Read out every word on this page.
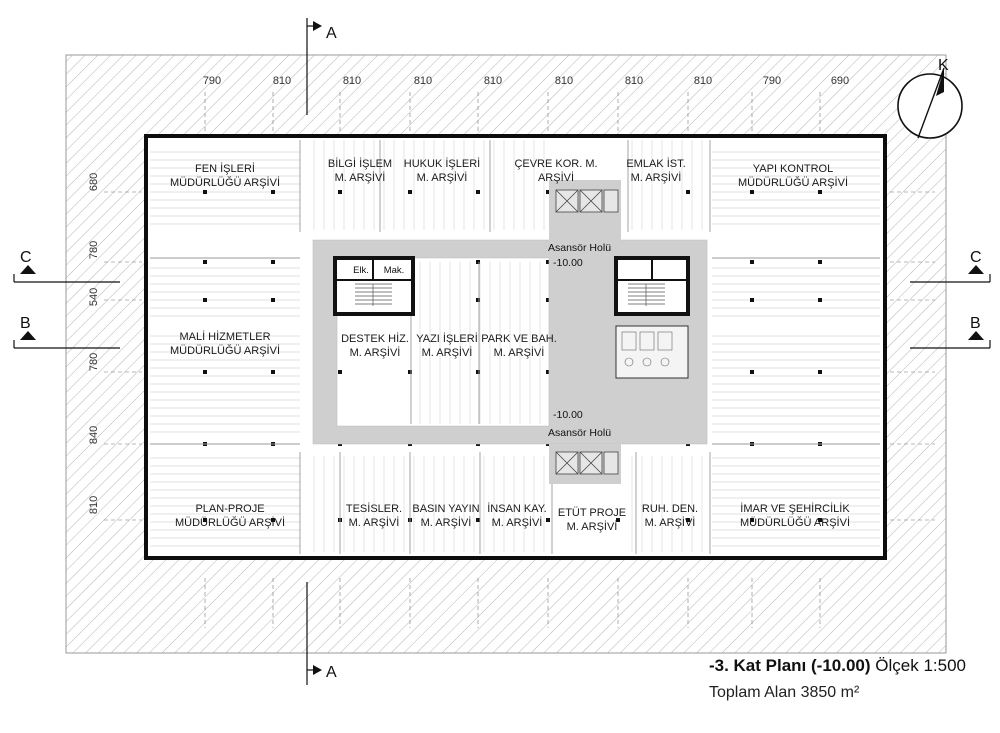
FEN İŞLERİ
MÜDÜRLÜĞÜ ARŞİVİ
BİLGİ İŞLEM
M. ARŞİVİ
HUKUK İŞLERİ
M. ARŞİVİ
ÇEVRE KOR. M.
ARŞİVİ
EMLAK İST.
M. ARŞİVİ
YAPI KONTROL
MÜDÜRLÜĞÜ ARŞİVİ
MALİ HİZMETLER
MÜDÜRLÜĞÜ ARŞİVİ
DESTEK HİZ.
M. ARŞİVİ
YAZI İŞLERİ
M. ARŞİVİ
PARK VE BAH.
M. ARŞİVİ
PLAN-PROJE
MÜDÜRLÜĞÜ ARŞİVİ
TESİSLER.
M. ARŞİVİ
BASIN YAYIN
M. ARŞİVİ
İNSAN KAY.
M. ARŞİVİ
ETÜT PROJE
M. ARŞİVİ
RUH. DEN.
M. ARŞİVİ
İMAR VE ŞEHİRCİLİK
MÜDÜRLÜĞÜ ARŞİVİ
Elk. Mak.
Asansör Holü
-10.00
-10.00
Asansör Holü
790	810	810	810	810	810	810	810	790	690
680
780
540
780
840
810
A
A
C	C
B	B
K
-3. Kat Planı (-10.00) Ölçek 1:500
Toplam Alan 3850 m²
